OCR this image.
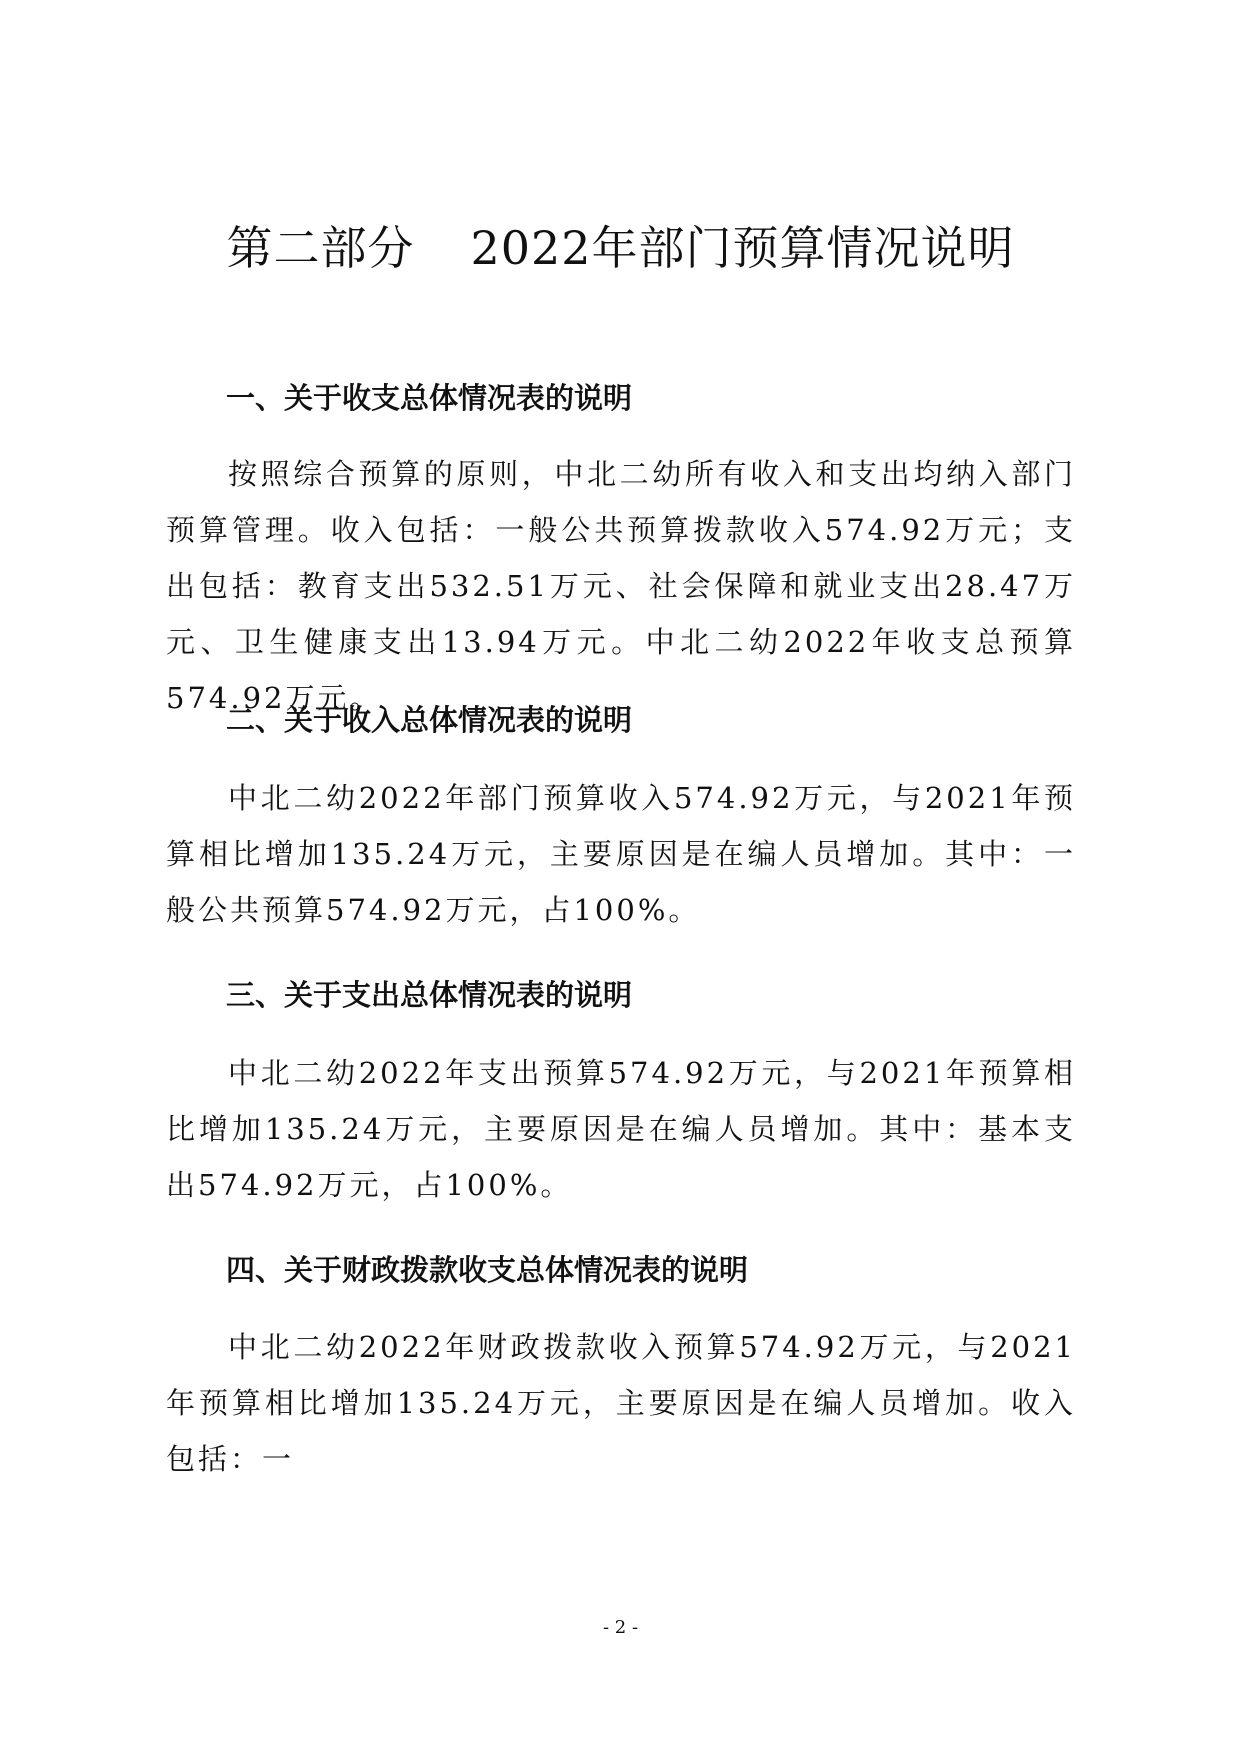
第二部分 2022年部门预算情况说明
一、关于收支总体情况表的说明
按照综合预算的原则，中北二幼所有收入和支出均纳入部门预算管理。收入包括：一般公共预算拨款收入574.92万元；支出包括：教育支出532.51万元、社会保障和就业支出28.47万元、卫生健康支出13.94万元。中北二幼2022年收支总预算574.92万元。
二、关于收入总体情况表的说明
中北二幼2022年部门预算收入574.92万元，与2021年预算相比增加135.24万元，主要原因是在编人员增加。其中：一般公共预算574.92万元，占100%。
三、关于支出总体情况表的说明
中北二幼2022年支出预算574.92万元，与2021年预算相比增加135.24万元，主要原因是在编人员增加。其中：基本支出574.92万元，占100%。
四、关于财政拨款收支总体情况表的说明
中北二幼2022年财政拨款收入预算574.92万元，与2021年预算相比增加135.24万元，主要原因是在编人员增加。收入包括：一
- 2 -
